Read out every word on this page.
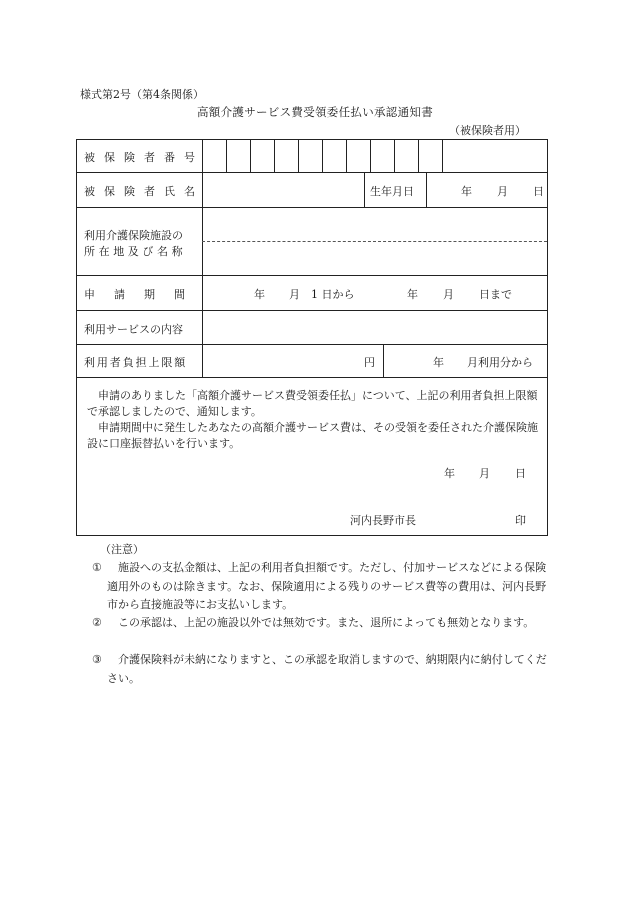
様式第2号（第4条関係）
高額介護サービス費受領委任払い承認通知書
（被保険者用）
被保険者番号
被保険者氏名	生年月日	年 月 日
利用介護保険施設の
所在地及び名称
申請期間	年 月 1 日から	年 月 日まで
利用サービスの内容
利用者負担上限額	円	年 月利用分から
申請のありました「高額介護サービス費受領委任払」について、上記の利用者負担上限額で承認しましたので、通知します。
申請期間中に発生したあなたの高額介護サービス費は、その受領を委任された介護保険施設に口座振替払いを行います。
年 月 日
河内長野市長	印
（注意）
①	施設への支払金額は、上記の利用者負担額です。ただし、付加サービスなどによる保険適用外のものは除きます。なお、保険適用による残りのサービス費等の費用は、河内長野市から直接施設等にお支払いします。
②	この承認は、上記の施設以外では無効です。また、退所によっても無効となります。
③	介護保険料が未納になりますと、この承認を取消しますので、納期限内に納付してください。
